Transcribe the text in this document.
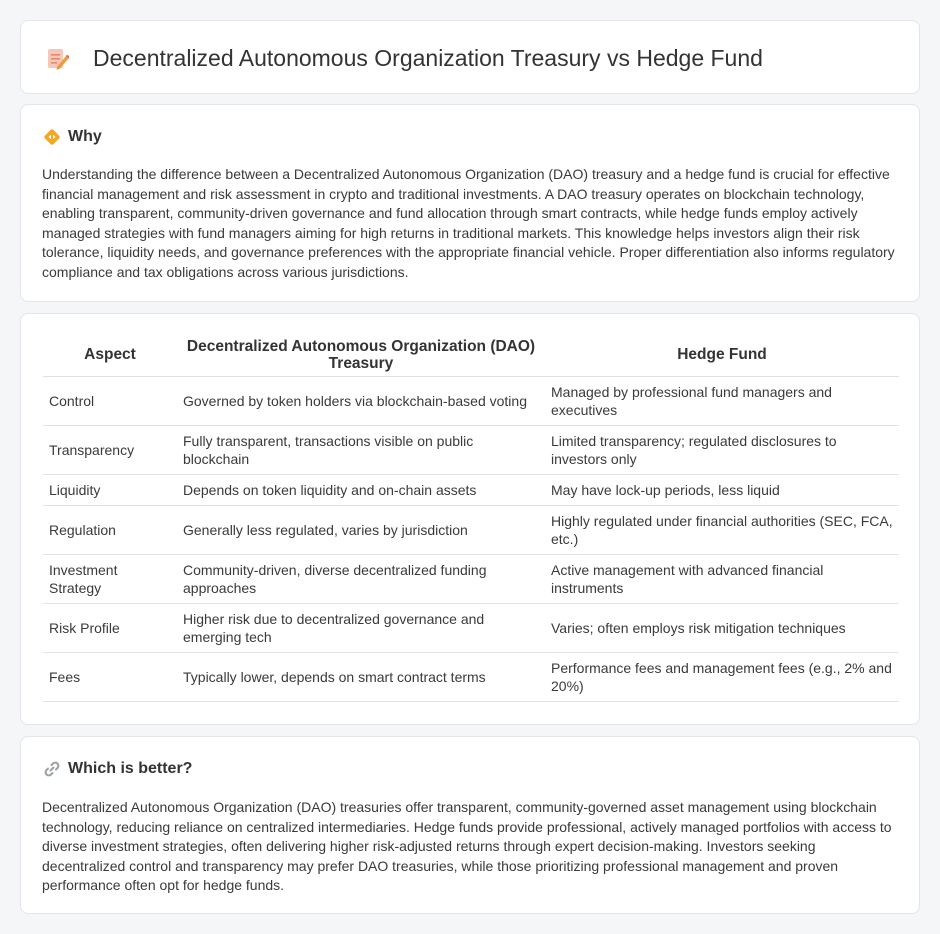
Decentralized Autonomous Organization Treasury vs Hedge Fund
Why

Understanding the difference between a Decentralized Autonomous Organization (DAO) treasury and a hedge fund is crucial for effective financial management and risk assessment in crypto and traditional investments. A DAO treasury operates on blockchain technology, enabling transparent, community-driven governance and fund allocation through smart contracts, while hedge funds employ actively managed strategies with fund managers aiming for high returns in traditional markets. This knowledge helps investors align their risk tolerance, liquidity needs, and governance preferences with the appropriate financial vehicle. Proper differentiation also informs regulatory compliance and tax obligations across various jurisdictions.

Aspect	Decentralized Autonomous Organization (DAO) Treasury	Hedge Fund
Control	Governed by token holders via blockchain-based voting	Managed by professional fund managers and executives
Transparency	Fully transparent, transactions visible on public blockchain	Limited transparency; regulated disclosures to investors only
Liquidity	Depends on token liquidity and on-chain assets	May have lock-up periods, less liquid
Regulation	Generally less regulated, varies by jurisdiction	Highly regulated under financial authorities (SEC, FCA, etc.)
Investment Strategy	Community-driven, diverse decentralized funding approaches	Active management with advanced financial instruments
Risk Profile	Higher risk due to decentralized governance and emerging tech	Varies; often employs risk mitigation techniques
Fees	Typically lower, depends on smart contract terms	Performance fees and management fees (e.g., 2% and 20%)
Which is better?

Decentralized Autonomous Organization (DAO) treasuries offer transparent, community-governed asset management using blockchain technology, reducing reliance on centralized intermediaries. Hedge funds provide professional, actively managed portfolios with access to diverse investment strategies, often delivering higher risk-adjusted returns through expert decision-making. Investors seeking decentralized control and transparency may prefer DAO treasuries, while those prioritizing professional management and proven performance often opt for hedge funds.
